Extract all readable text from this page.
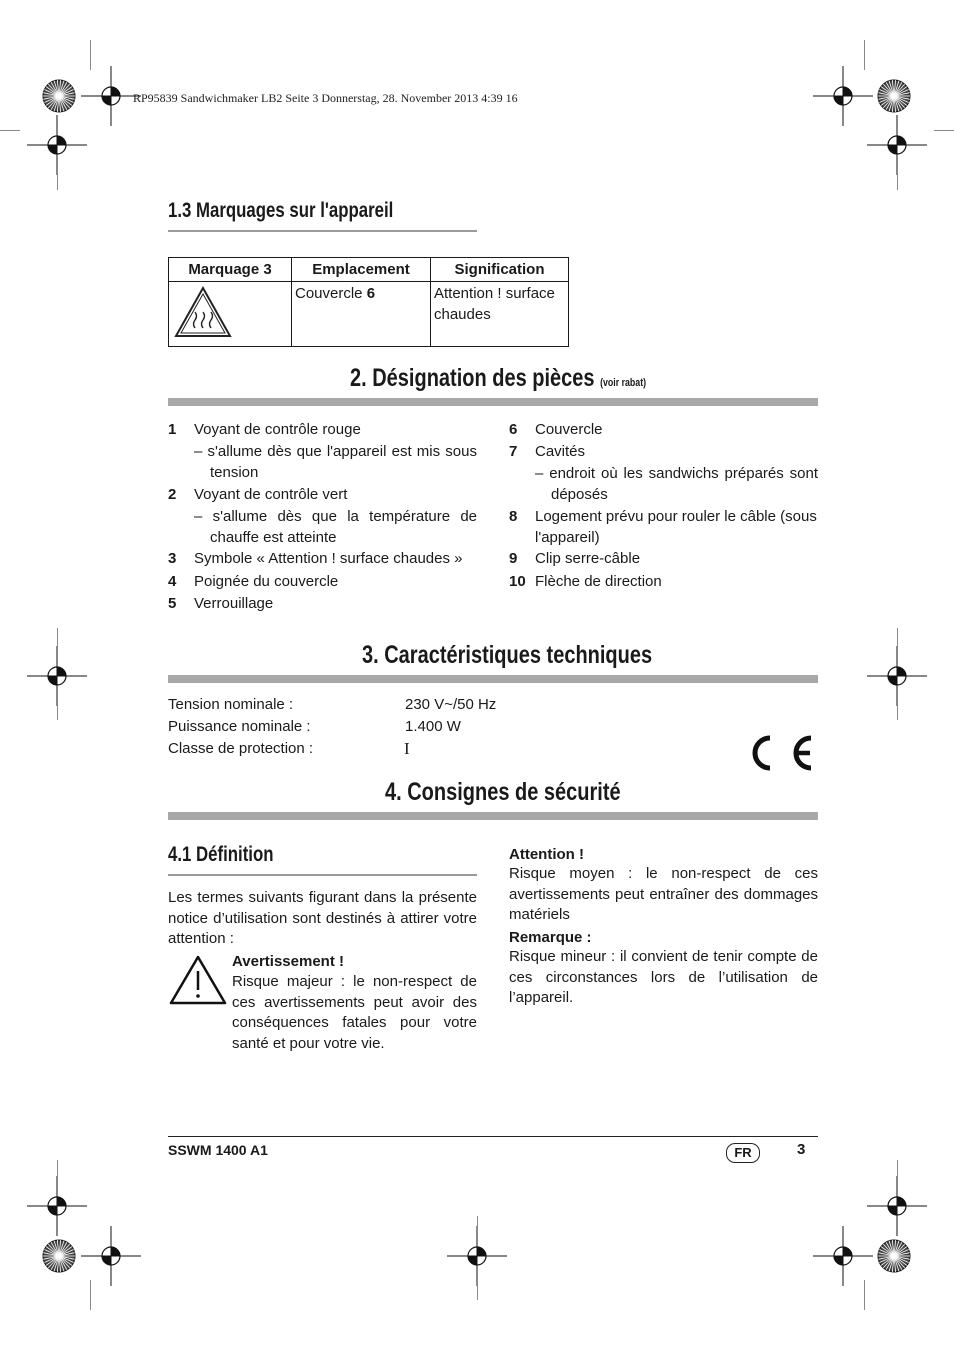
RP95839 Sandwichmaker LB2 Seite 3 Donnerstag, 28. November 2013 4:39 16
1.3 Marquages sur l'appareil
Marquage 3	Emplacement	Signification
	Couvercle 6	Attention ! surface chaudes
2. Désignation des pièces (voir rabat)
1 Voyant de contrôle rouge
– s'allume dès que l'appareil est mis sous tension
2 Voyant de contrôle vert
– s'allume dès que la température de chauffe est atteinte
3 Symbole « Attention ! surface chaudes »
4 Poignée du couvercle
5 Verrouillage
6 Couvercle
7 Cavités
– endroit où les sandwichs préparés sont déposés
8 Logement prévu pour rouler le câble (sous l'appareil)
9 Clip serre-câble
10 Flèche de direction
3. Caractéristiques techniques
Tension nominale :	230 V~/50 Hz
Puissance nominale :	1.400 W
Classe de protection :	I
4. Consignes de sécurité
4.1 Définition
Les termes suivants figurant dans la présente notice d’utilisation sont destinés à attirer votre attention :
Avertissement !
Risque majeur : le non-respect de ces avertissements peut avoir des conséquences fatales pour votre santé et pour votre vie.
Attention !
Risque moyen : le non-respect de ces avertissements peut entraîner des dommages matériels
Remarque :
Risque mineur : il convient de tenir compte de ces circonstances lors de l’utilisation de l’appareil.
SSWM 1400 A1	FR	3
